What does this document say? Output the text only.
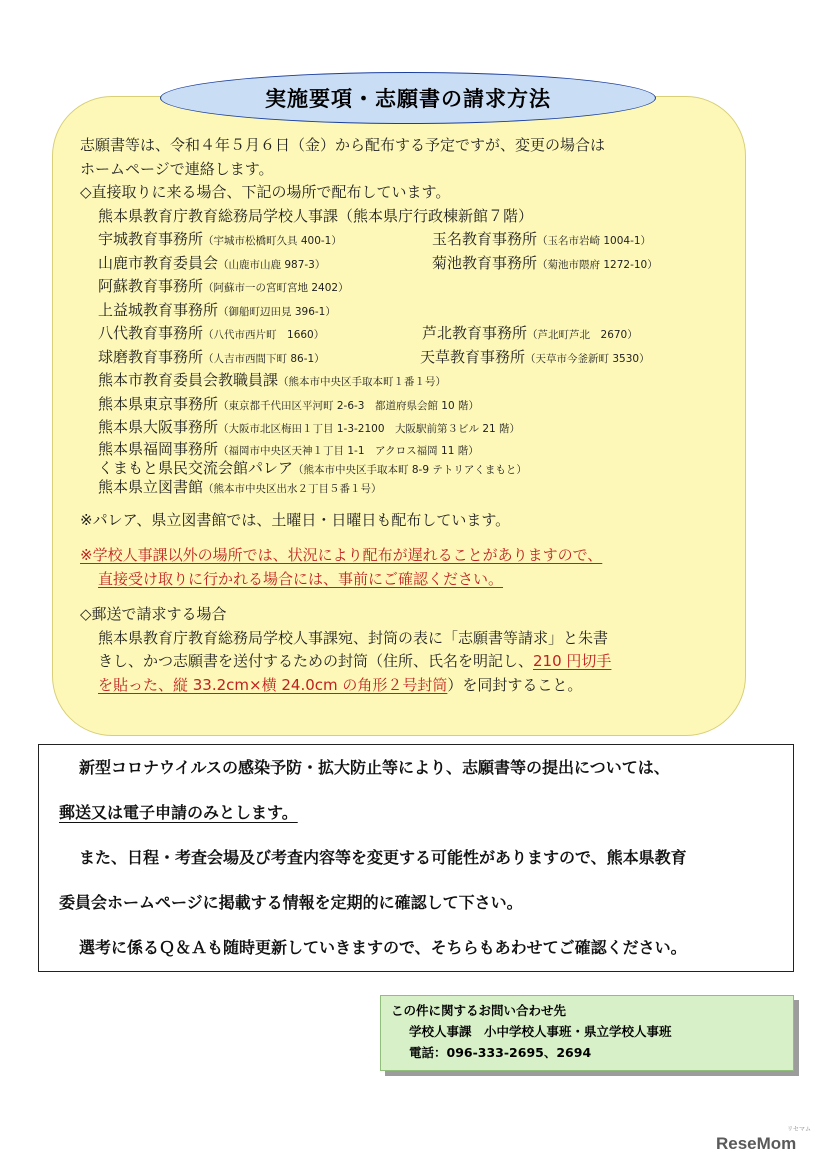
実施要項・志願書の請求方法
志願書等は、令和４年５月６日（金）から配布する予定ですが、変更の場合は
ホームページで連絡します。
◇直接取りに来る場合、下記の場所で配布しています。
熊本県教育庁教育総務局学校人事課（熊本県庁行政棟新館７階）
宇城教育事務所（宇城市松橋町久具 400-1）	玉名教育事務所（玉名市岩崎 1004-1）
山鹿市教育委員会（山鹿市山鹿 987-3）	菊池教育事務所（菊池市隈府 1272-10）
阿蘇教育事務所（阿蘇市一の宮町宮地 2402）
上益城教育事務所（御船町辺田見 396-1）
八代教育事務所（八代市西片町　1660）	芦北教育事務所（芦北町芦北　2670）
球磨教育事務所（人吉市西間下町 86-1）	天草教育事務所（天草市今釜新町 3530）
熊本市教育委員会教職員課（熊本市中央区手取本町１番１号）
熊本県東京事務所（東京都千代田区平河町 2-6-3　都道府県会館 10 階）
熊本県大阪事務所（大阪市北区梅田１丁目 1-3-2100　大阪駅前第３ビル 21 階）
熊本県福岡事務所（福岡市中央区天神１丁目 1-1　アクロス福岡 11 階）
くまもと県民交流会館パレア（熊本市中央区手取本町 8-9 テトリアくまもと）
熊本県立図書館（熊本市中央区出水２丁目５番１号）
※パレア、県立図書館では、土曜日・日曜日も配布しています。
※学校人事課以外の場所では、状況により配布が遅れることがありますので、
直接受け取りに行かれる場合には、事前にご確認ください。
◇郵送で請求する場合
熊本県教育庁教育総務局学校人事課宛、封筒の表に「志願書等請求」と朱書
きし、かつ志願書を送付するための封筒（住所、氏名を明記し、210 円切手
を貼った、縦 33.2cm×横 24.0cm の角形２号封筒）を同封すること。
新型コロナウイルスの感染予防・拡大防止等により、志願書等の提出については、
郵送又は電子申請のみとします。
また、日程・考査会場及び考査内容等を変更する可能性がありますので、熊本県教育
委員会ホームページに掲載する情報を定期的に確認して下さい。
選考に係るＱ＆Ａも随時更新していきますので、そちらもあわせてご確認ください。
この件に関するお問い合わせ先
学校人事課　小中学校人事班・県立学校人事班
電話：096-333-2695、2694
ReseMom
リセマム
